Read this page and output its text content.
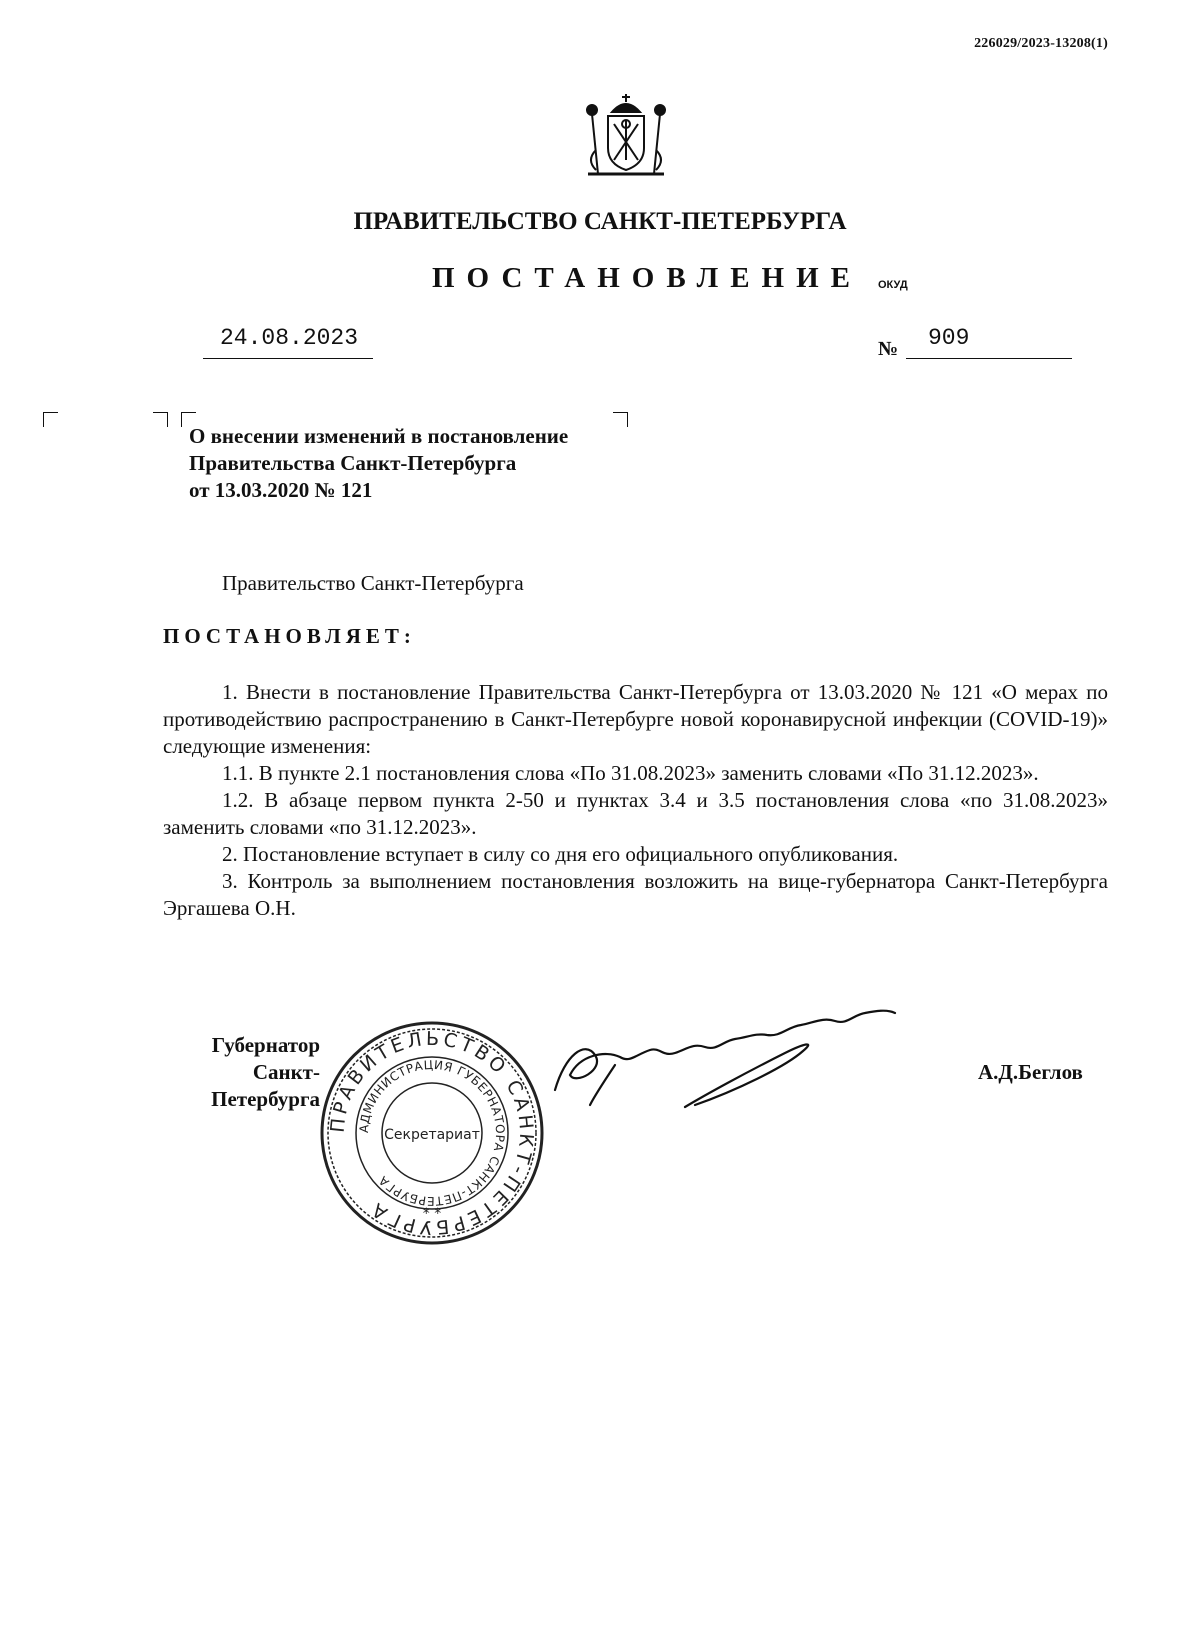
226029/2023-13208(1)
ПРАВИТЕЛЬСТВО САНКТ-ПЕТЕРБУРГА
ПОСТАНОВЛЕНИЕ ОКУД
24.08.2023	№ 909
О внесении изменений в постановление
Правительства Санкт-Петербурга
от 13.03.2020 № 121
Правительство Санкт-Петербурга
ПОСТАНОВЛЯЕТ:

1. Внести в постановление Правительства Санкт-Петербурга от 13.03.2020 № 121 «О мерах по противодействию распространению в Санкт-Петербурге новой коронавирусной инфекции (COVID-19)» следующие изменения:

1.1. В пункте 2.1 постановления слова «По 31.08.2023» заменить словами «По 31.12.2023».

1.2. В абзаце первом пункта 2-50 и пунктах 3.4 и 3.5 постановления слова «по 31.08.2023» заменить словами «по 31.12.2023».

2. Постановление вступает в силу со дня его официального опубликования.

3. Контроль за выполнением постановления возложить на вице-губернатора Санкт-Петербурга Эргашева О.Н.

Губернатор
Санкт-Петербурга
ПРАВИТЕЛЬСТВО САНКТ-ПЕТЕРБУРГА
АДМИНИСТРАЦИЯ ГУБЕРНАТОРА САНКТ-ПЕТЕРБУРГА
Секретариат
* *
А.Д.Беглов
